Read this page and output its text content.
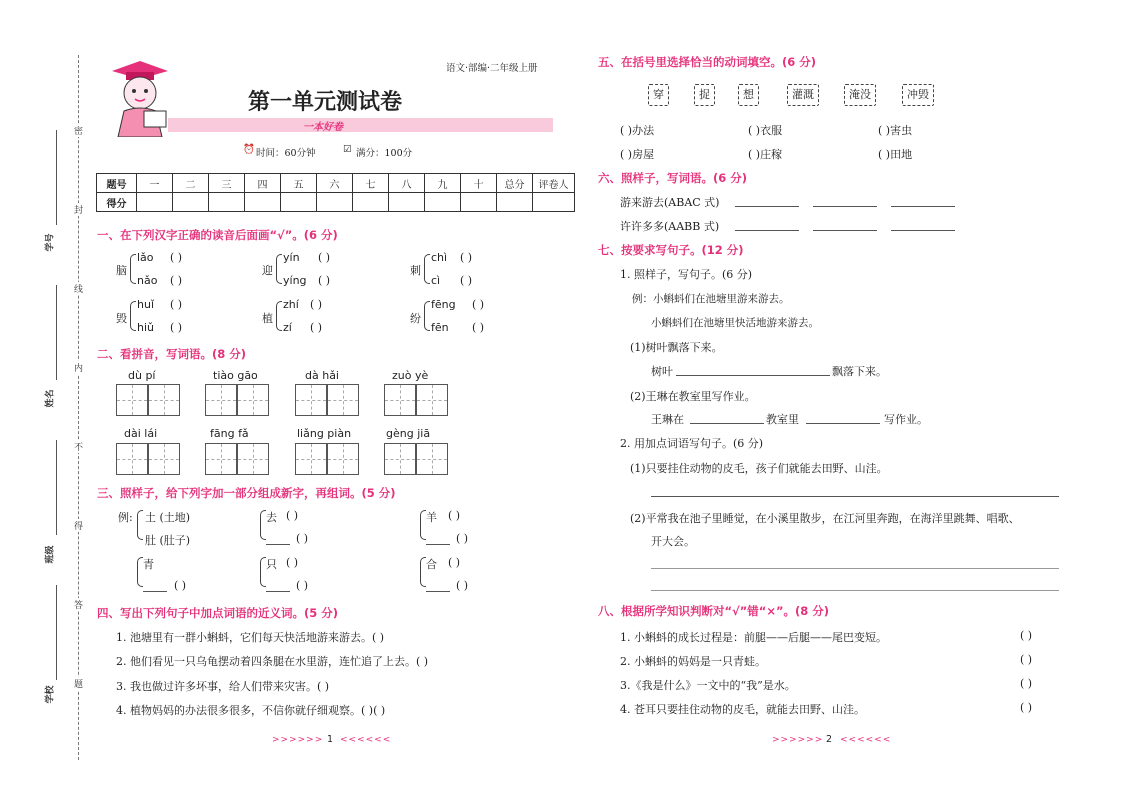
密
封
线
内
不
得
答
题
学号
姓名
班级
学校
语文·部编·二年级上册
第一单元测试卷
一本好卷
⏰ 时间：60分钟	☑ 满分：100分
题号	一	二	三	四	五	六	七	八	九	十	总分	评卷人
得分												
一、在下列汉字正确的读音后面画“√”。(6 分)
脑
lǎo ( )
nǎo ( )
迎
yín ( )
yíng ( )
刺
chì ( )
cì ( )
毁
huǐ ( )
hiǔ ( )
植
zhí ( )
zí ( )
纷
fēng ( )
fēn ( )
二、看拼音，写词语。(8 分)
dù pí	tiào gāo	dà hǎi	zuò yè
dài lái	fāng fǎ	liǎng piàn	gèng jiā
三、照样子，给下列字加一部分组成新字，再组词。(5 分)
例: 土 (土地)
肚 (肚子)
去 ( )
( )
羊 ( )
( )
青
( )
只 ( )
( )
合 ( )
( )
四、写出下列句子中加点词语的近义词。(5 分)
1. 池塘里有一群小蝌蚪，它们每天快活地游来游去。( )
2. 他们看见一只乌龟摆动着四条腿在水里游，连忙追了上去。( )
3. 我也做过许多坏事，给人们带来灾害。( )
4. 植物妈妈的办法很多很多，不信你就仔细观察。( )( )
>>>>>> 1 <<<<<<	>>>>>> 2 <<<<<<
五、在括号里选择恰当的动词填空。(6 分)
穿	捉	想	灌溉	淹没	冲毁
( )办法	( )衣服	( )害虫
( )房屋	( )庄稼	( )田地
六、照样子，写词语。(6 分)
游来游去(ABAC 式)
许许多多(AABB 式)
七、按要求写句子。(12 分)
1. 照样子，写句子。(6 分)
例：小蝌蚪们在池塘里游来游去。
小蝌蚪们在池塘里快活地游来游去。
(1)树叶飘落下来。
树叶	飘落下来。
(2)王琳在教室里写作业。
王琳在	教室里	写作业。
2. 用加点词语写句子。(6 分)
(1)只要挂住动物的皮毛，孩子们就能去田野、山洼。
(2)平常我在池子里睡觉，在小溪里散步，在江河里奔跑，在海洋里跳舞、唱歌、
开大会。
八、根据所学知识判断对“√”错“×”。(8 分)
1. 小蝌蚪的成长过程是：前腿——后腿——尾巴变短。	( )
2. 小蝌蚪的妈妈是一只青蛙。	( )
3.《我是什么》一文中的“我”是水。	( )
4. 苍耳只要挂住动物的皮毛，就能去田野、山洼。	( )
